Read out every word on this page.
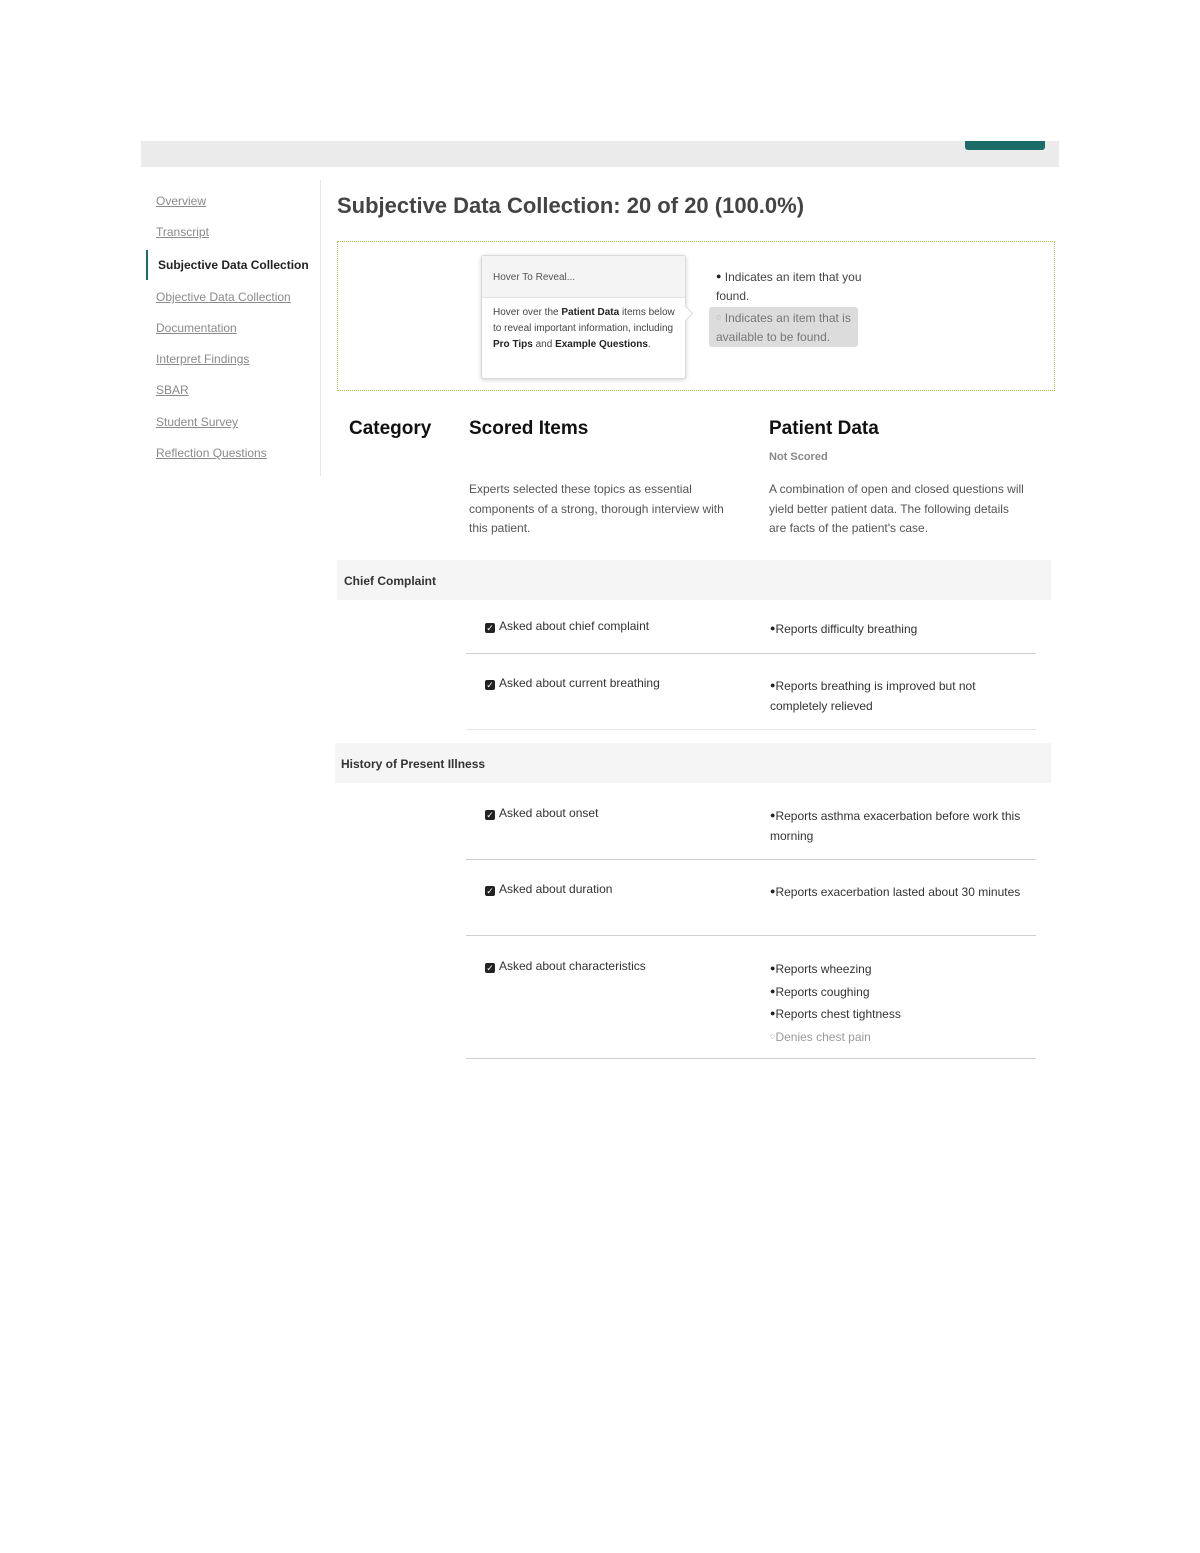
Overview
Transcript
Subjective Data Collection
Objective Data Collection
Documentation
Interpret Findings
SBAR
Student Survey
Reflection Questions
Subjective Data Collection: 20 of 20 (100.0%)
Hover To Reveal...
Hover over the Patient Data items below to reveal important information, including Pro Tips and Example Questions.
● Indicates an item that you found.
○ Indicates an item that is available to be found.
Category Scored Items	Patient Data
Not Scored
Experts selected these topics as essential components of a strong, thorough interview with this patient.
A combination of open and closed questions will yield better patient data. The following details are facts of the patient's case.
Chief Complaint
✓ Asked about chief complaint	●Reports difficulty breathing
✓ Asked about current breathing	●Reports breathing is improved but not completely relieved
History of Present Illness
✓ Asked about onset	●Reports asthma exacerbation before work this morning
✓ Asked about duration	●Reports exacerbation lasted about 30 minutes
✓ Asked about characteristics	●Reports wheezing
●Reports coughing
●Reports chest tightness
○Denies chest pain
